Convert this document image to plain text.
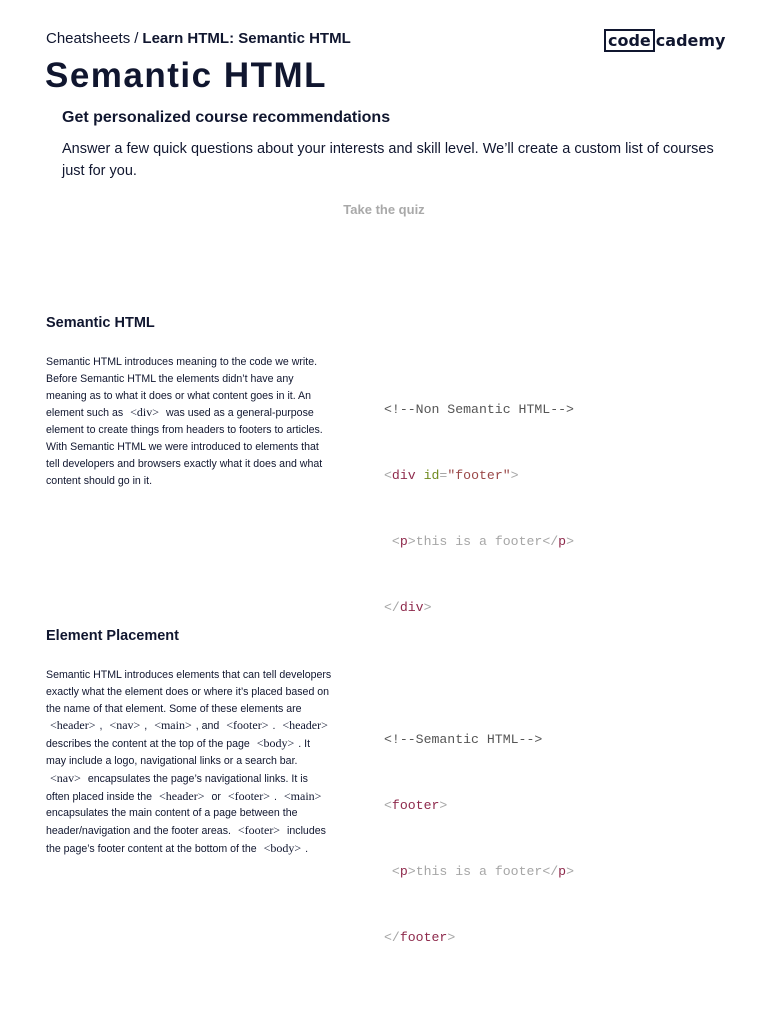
Cheatsheets / Learn HTML: Semantic HTML	code cademy
Semantic HTML
Get personalized course recommendations

Answer a few quick questions about your interests and skill level. We’ll create a custom list of courses just for you.

Take the quiz
Semantic HTML

Semantic HTML introduces meaning to the code we write. Before Semantic HTML the elements didn’t have any meaning as to what it does or what content goes in it. An element such as <div> was used as a general-purpose element to create things from headers to footers to articles. With Semantic HTML we were introduced to elements that tell developers and browsers exactly what it does and what content should go in it.

<!--Non Semantic HTML-->

<div id="footer">

<p>this is a footer</p>

</div>

<!--Semantic HTML-->

<footer>

<p>this is a footer</p>

</footer>

Element Placement

Semantic HTML introduces elements that can tell developers exactly what the element does or where it’s placed based on the name of that element. Some of these elements are <header> , <nav> , <main> , and <footer> . <header> describes the content at the top of the page <body> . It may include a logo, navigational links or a search bar. <nav> encapsulates the page’s navigational links. It is often placed inside the <header> or <footer> . <main> encapsulates the main content of a page between the header/navigation and the footer areas. <footer> includes the page’s footer content at the bottom of the <body> .
